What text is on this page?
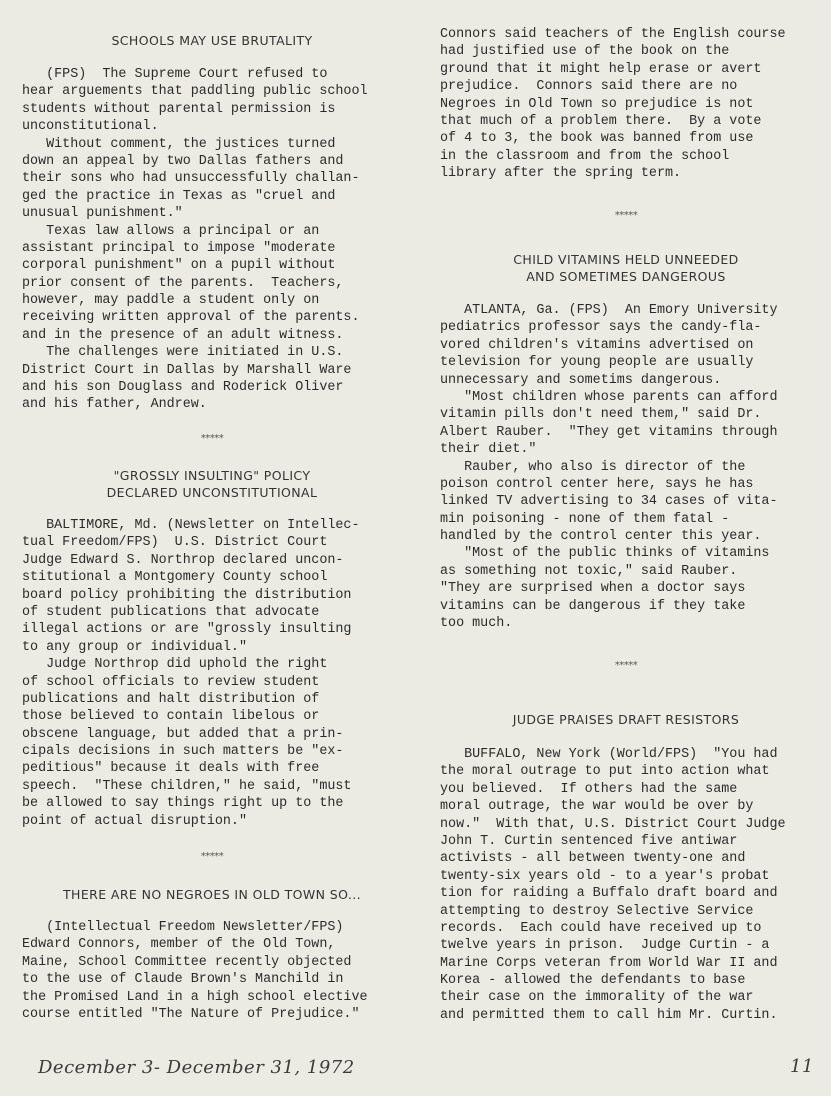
SCHOOLS MAY USE BRUTALITY
(FPS)  The Supreme Court refused to
hear arguements that paddling public school
students without parental permission is
unconstitutional.
Without comment, the justices turned
down an appeal by two Dallas fathers and
their sons who had unsuccessfully challan-
ged the practice in Texas as "cruel and
unusual punishment."
Texas law allows a principal or an
assistant principal to impose "moderate
corporal punishment" on a pupil without
prior consent of the parents.  Teachers,
however, may paddle a student only on
receiving written approval of the parents.
and in the presence of an adult witness.
The challenges were initiated in U.S.
District Court in Dallas by Marshall Ware
and his son Douglass and Roderick Oliver
and his father, Andrew.
*****
"GROSSLY INSULTING" POLICY
DECLARED UNCONSTITUTIONAL
BALTIMORE, Md. (Newsletter on Intellec-
tual Freedom/FPS)  U.S. District Court
Judge Edward S. Northrop declared uncon-
stitutional a Montgomery County school
board policy prohibiting the distribution
of student publications that advocate
illegal actions or are "grossly insulting
to any group or individual."
Judge Northrop did uphold the right
of school officials to review student
publications and halt distribution of
those believed to contain libelous or
obscene language, but added that a prin-
cipals decisions in such matters be "ex-
peditious" because it deals with free
speech.  "These children," he said, "must
be allowed to say things right up to the
point of actual disruption."
*****
THERE ARE NO NEGROES IN OLD TOWN SO...
(Intellectual Freedom Newsletter/FPS)
Edward Connors, member of the Old Town,
Maine, School Committee recently objected
to the use of Claude Brown's Manchild in
the Promised Land in a high school elective
course entitled "The Nature of Prejudice."
Connors said teachers of the English course
had justified use of the book on the
ground that it might help erase or avert
prejudice.  Connors said there are no
Negroes in Old Town so prejudice is not
that much of a problem there.  By a vote
of 4 to 3, the book was banned from use
in the classroom and from the school
library after the spring term.
*****
CHILD VITAMINS HELD UNNEEDED
AND SOMETIMES DANGEROUS
ATLANTA, Ga. (FPS)  An Emory University
pediatrics professor says the candy-fla-
vored children's vitamins advertised on
television for young people are usually
unnecessary and sometims dangerous.
"Most children whose parents can afford
vitamin pills don't need them," said Dr.
Albert Rauber.  "They get vitamins through
their diet."
Rauber, who also is director of the
poison control center here, says he has
linked TV advertising to 34 cases of vita-
min poisoning - none of them fatal -
handled by the control center this year.
"Most of the public thinks of vitamins
as something not toxic," said Rauber.
"They are surprised when a doctor says
vitamins can be dangerous if they take
too much.
*****
JUDGE PRAISES DRAFT RESISTORS
BUFFALO, New York (World/FPS)  "You had
the moral outrage to put into action what
you believed.  If others had the same
moral outrage, the war would be over by
now."  With that, U.S. District Court Judge
John T. Curtin sentenced five antiwar
activists - all between twenty-one and
twenty-six years old - to a year's probat
tion for raiding a Buffalo draft board and
attempting to destroy Selective Service
records.  Each could have received up to
twelve years in prison.  Judge Curtin - a
Marine Corps veteran from World War II and
Korea - allowed the defendants to base
their case on the immorality of the war
and permitted them to call him Mr. Curtin.
December 3- December 31, 1972	11
